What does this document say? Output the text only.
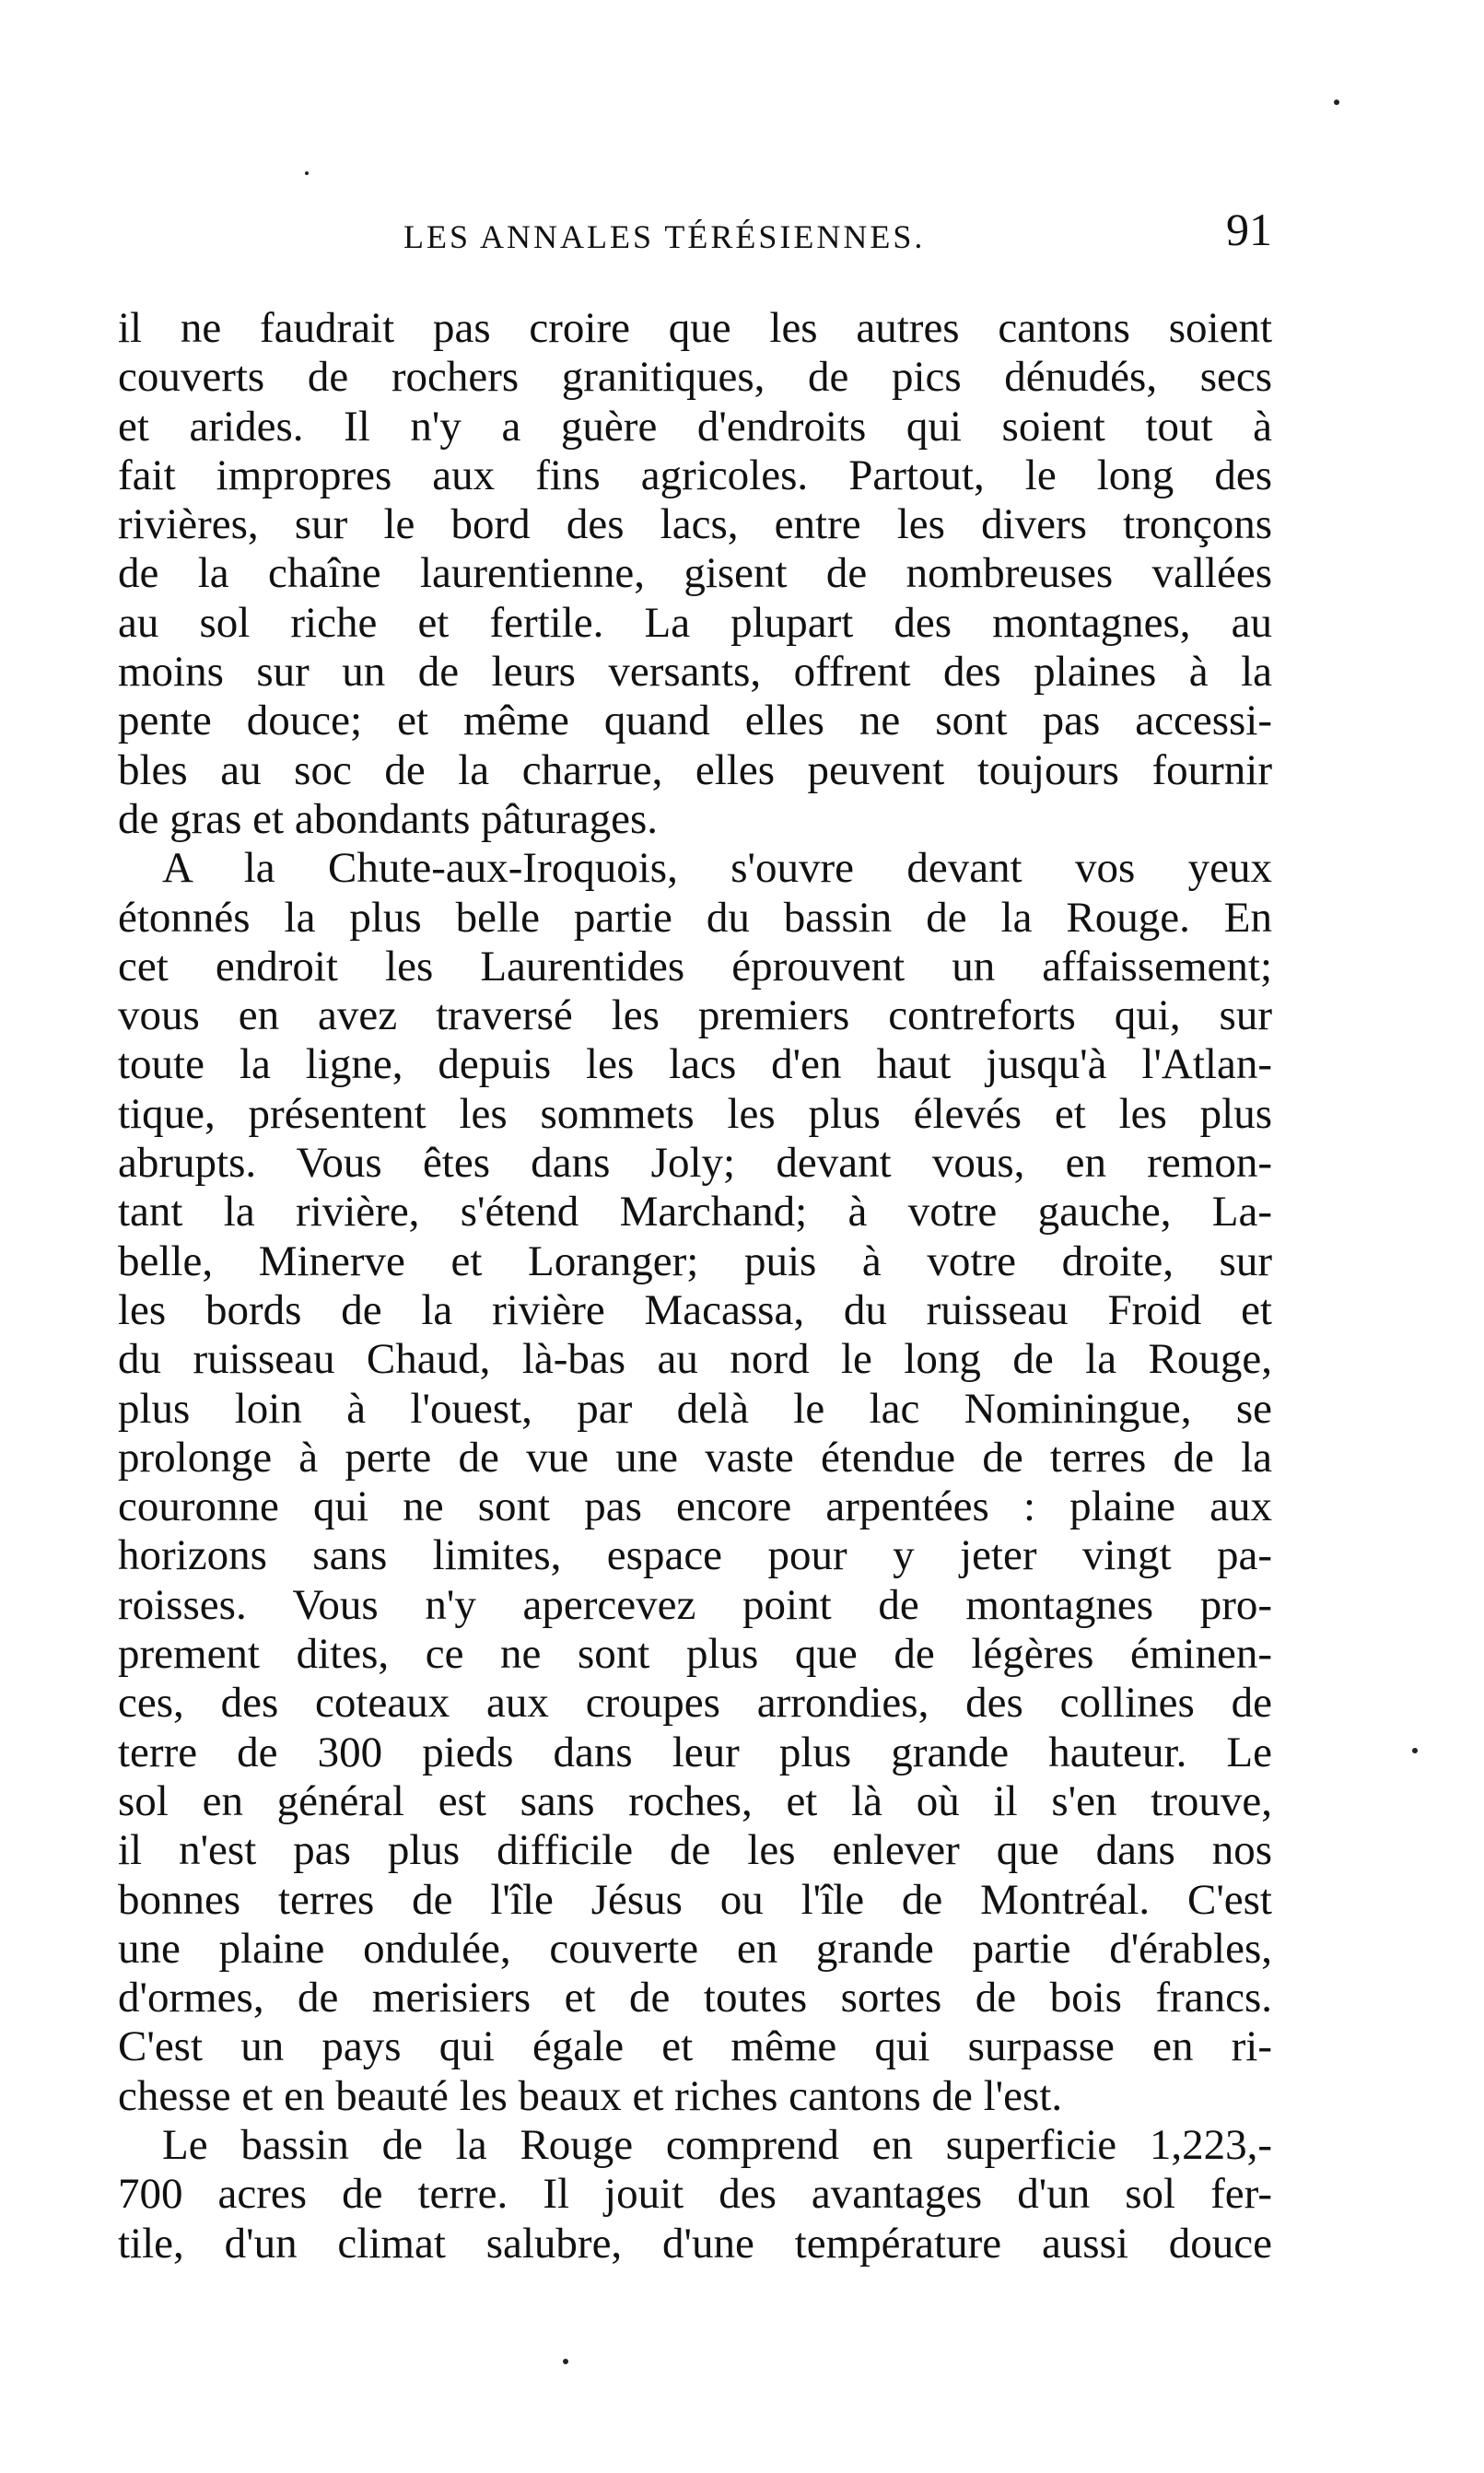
LES ANNALES TÉRÉSIENNES.	91
il ne faudrait pas croire que les autres cantons soient
couverts de rochers granitiques, de pics dénudés, secs
et arides. Il n'y a guère d'endroits qui soient tout à
fait impropres aux fins agricoles. Partout, le long des
rivières, sur le bord des lacs, entre les divers tronçons
de la chaîne laurentienne, gisent de nombreuses vallées
au sol riche et fertile. La plupart des montagnes, au
moins sur un de leurs versants, offrent des plaines à la
pente douce; et même quand elles ne sont pas accessi-
bles au soc de la charrue, elles peuvent toujours fournir
de gras et abondants pâturages.
A la Chute-aux-Iroquois, s'ouvre devant vos yeux
étonnés la plus belle partie du bassin de la Rouge. En
cet endroit les Laurentides éprouvent un affaissement;
vous en avez traversé les premiers contreforts qui, sur
toute la ligne, depuis les lacs d'en haut jusqu'à l'Atlan-
tique, présentent les sommets les plus élevés et les plus
abrupts. Vous êtes dans Joly; devant vous, en remon-
tant la rivière, s'étend Marchand; à votre gauche, La-
belle, Minerve et Loranger; puis à votre droite, sur
les bords de la rivière Macassa, du ruisseau Froid et
du ruisseau Chaud, là-bas au nord le long de la Rouge,
plus loin à l'ouest, par delà le lac Nominingue, se
prolonge à perte de vue une vaste étendue de terres de la
couronne qui ne sont pas encore arpentées : plaine aux
horizons sans limites, espace pour y jeter vingt pa-
roisses. Vous n'y apercevez point de montagnes pro-
prement dites, ce ne sont plus que de légères éminen-
ces, des coteaux aux croupes arrondies, des collines de
terre de 300 pieds dans leur plus grande hauteur. Le
sol en général est sans roches, et là où il s'en trouve,
il n'est pas plus difficile de les enlever que dans nos
bonnes terres de l'île Jésus ou l'île de Montréal. C'est
une plaine ondulée, couverte en grande partie d'érables,
d'ormes, de merisiers et de toutes sortes de bois francs.
C'est un pays qui égale et même qui surpasse en ri-
chesse et en beauté les beaux et riches cantons de l'est.
Le bassin de la Rouge comprend en superficie 1,223,-
700 acres de terre. Il jouit des avantages d'un sol fer-
tile, d'un climat salubre, d'une température aussi douce
